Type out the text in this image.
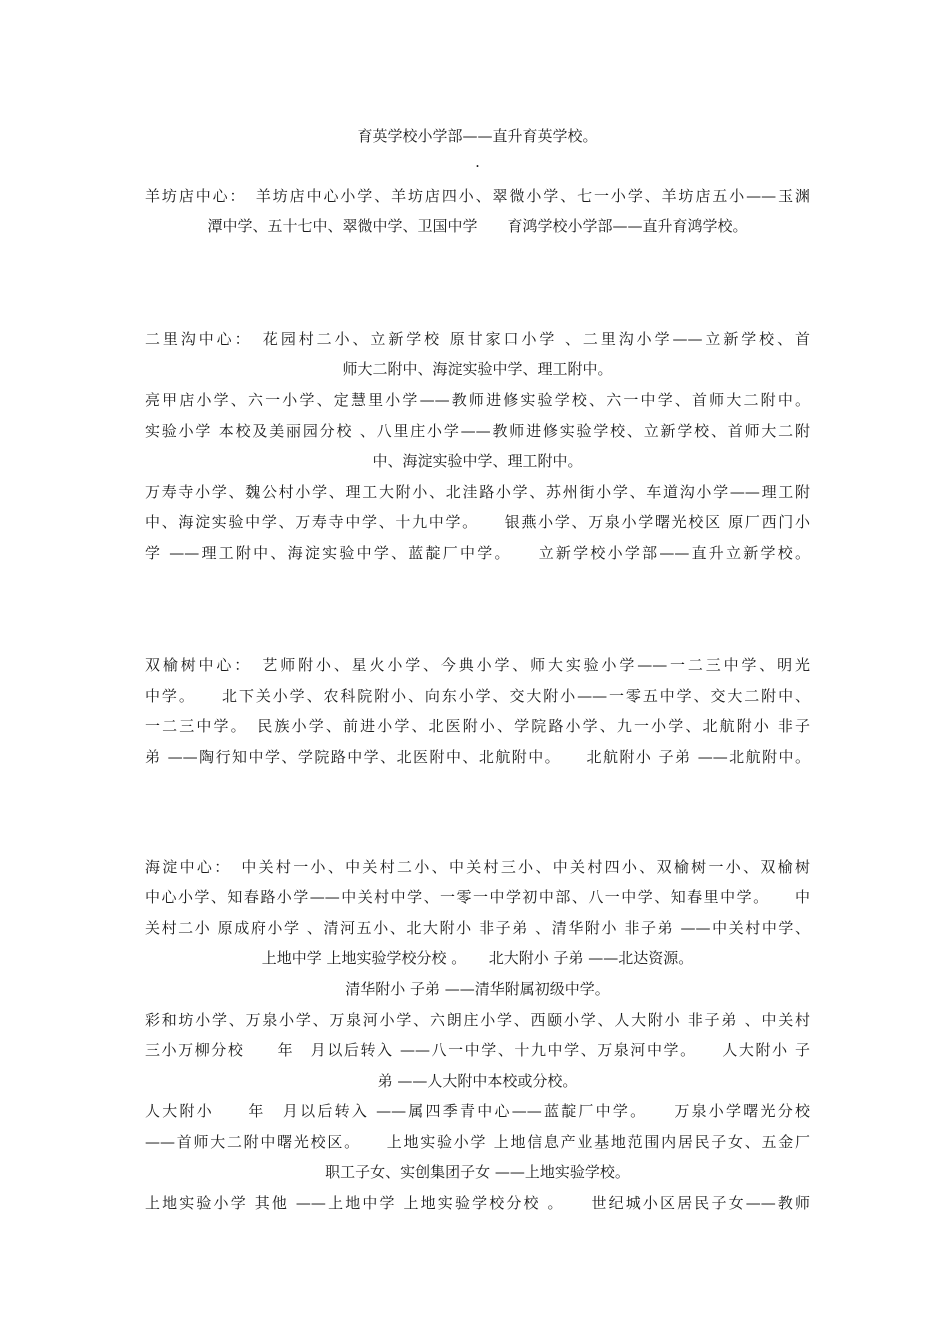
育英学校小学部——直升育英学校。
·
羊坊店中心：　羊坊店中心小学、羊坊店四小、翠微小学、七一小学、羊坊店五小——玉渊
潭中学、五十七中、翠微中学、卫国中学　　育鸿学校小学部——直升育鸿学校。
二里沟中心：　花园村二小、立新学校 原甘家口小学 、二里沟小学——立新学校、首
师大二附中、海淀实验中学、理工附中。
亮甲店小学、六一小学、定慧里小学——教师进修实验学校、六一中学、首师大二附中。
实验小学 本校及美丽园分校 、八里庄小学——教师进修实验学校、立新学校、首师大二附
中、海淀实验中学、理工附中。
万寿寺小学、魏公村小学、理工大附小、北洼路小学、苏州街小学、车道沟小学——理工附
中、海淀实验中学、万寿寺中学、十九中学。　　银燕小学、万泉小学曙光校区 原厂西门小
学 ——理工附中、海淀实验中学、蓝靛厂中学。　　立新学校小学部——直升立新学校。
双榆树中心：　艺师附小、星火小学、今典小学、师大实验小学——一二三中学、明光
中学。　　北下关小学、农科院附小、向东小学、交大附小——一零五中学、交大二附中、
一二三中学。　民族小学、前进小学、北医附小、学院路小学、九一小学、北航附小 非子
弟 ——陶行知中学、学院路中学、北医附中、北航附中。　　北航附小 子弟 ——北航附中。
海淀中心：　中关村一小、中关村二小、中关村三小、中关村四小、双榆树一小、双榆树
中心小学、知春路小学——中关村中学、一零一中学初中部、八一中学、知春里中学。　　中
关村二小 原成府小学 、清河五小、北大附小 非子弟 、清华附小 非子弟 ——中关村中学、
上地中学 上地实验学校分校 。　　北大附小 子弟 ——北达资源。
清华附小 子弟 ——清华附属初级中学。
彩和坊小学、万泉小学、万泉河小学、六朗庄小学、西颐小学、人大附小 非子弟 、中关村
三小万柳分校　　年　月以后转入 ——八一中学、十九中学、万泉河中学。　　人大附小 子
弟 ——人大附中本校或分校。
人大附小　　年　月以后转入 ——属四季青中心——蓝靛厂中学。　　万泉小学曙光分校
——首师大二附中曙光校区。　　上地实验小学 上地信息产业基地范围内居民子女、五金厂
职工子女、实创集团子女 ——上地实验学校。
上地实验小学 其他 ——上地中学 上地实验学校分校 。　　世纪城小区居民子女——教师
